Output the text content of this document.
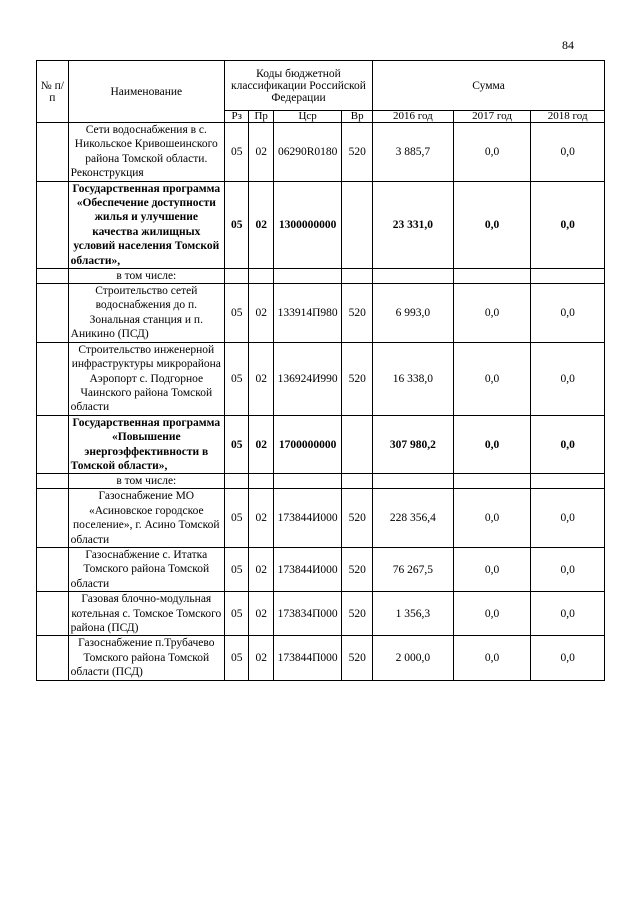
84
№ п/п	Наименование	Коды бюджетной классификации Российской Федерации				Сумма		
		Рз	Пр	Цср	Вр	2016 год	2017 год	2018 год
	Сети водоснабжения в с. Никольское Кривошеинского района Томской области. Реконструкция	05	02	06290R0180	520	3 885,7	0,0	0,0
	Государственная программа «Обеспечение доступности жилья и улучшение качества жилищных условий населения Томской области»,	05	02	1300000000		23 331,0	0,0	0,0
	в том числе:							
	Строительство сетей водоснабжения до п. Зональная станция и п. Аникино (ПСД)	05	02	133914П980	520	6 993,0	0,0	0,0
	Строительство инженерной инфраструктуры микрорайона Аэропорт с. Подгорное Чаинского района Томской области	05	02	136924И990	520	16 338,0	0,0	0,0
	Государственная программа «Повышение энергоэффективности в Томской области»,	05	02	1700000000		307 980,2	0,0	0,0
	в том числе:							
	Газоснабжение МО «Асиновское городское поселение», г. Асино Томской области	05	02	173844И000	520	228 356,4	0,0	0,0
	Газоснабжение с. Итатка Томского района Томской области	05	02	173844И000	520	76 267,5	0,0	0,0
	Газовая блочно-модульная котельная с. Томское Томского района (ПСД)	05	02	173834П000	520	1 356,3	0,0	0,0
	Газоснабжение п.Трубачево Томского района Томской области (ПСД)	05	02	173844П000	520	2 000,0	0,0	0,0
